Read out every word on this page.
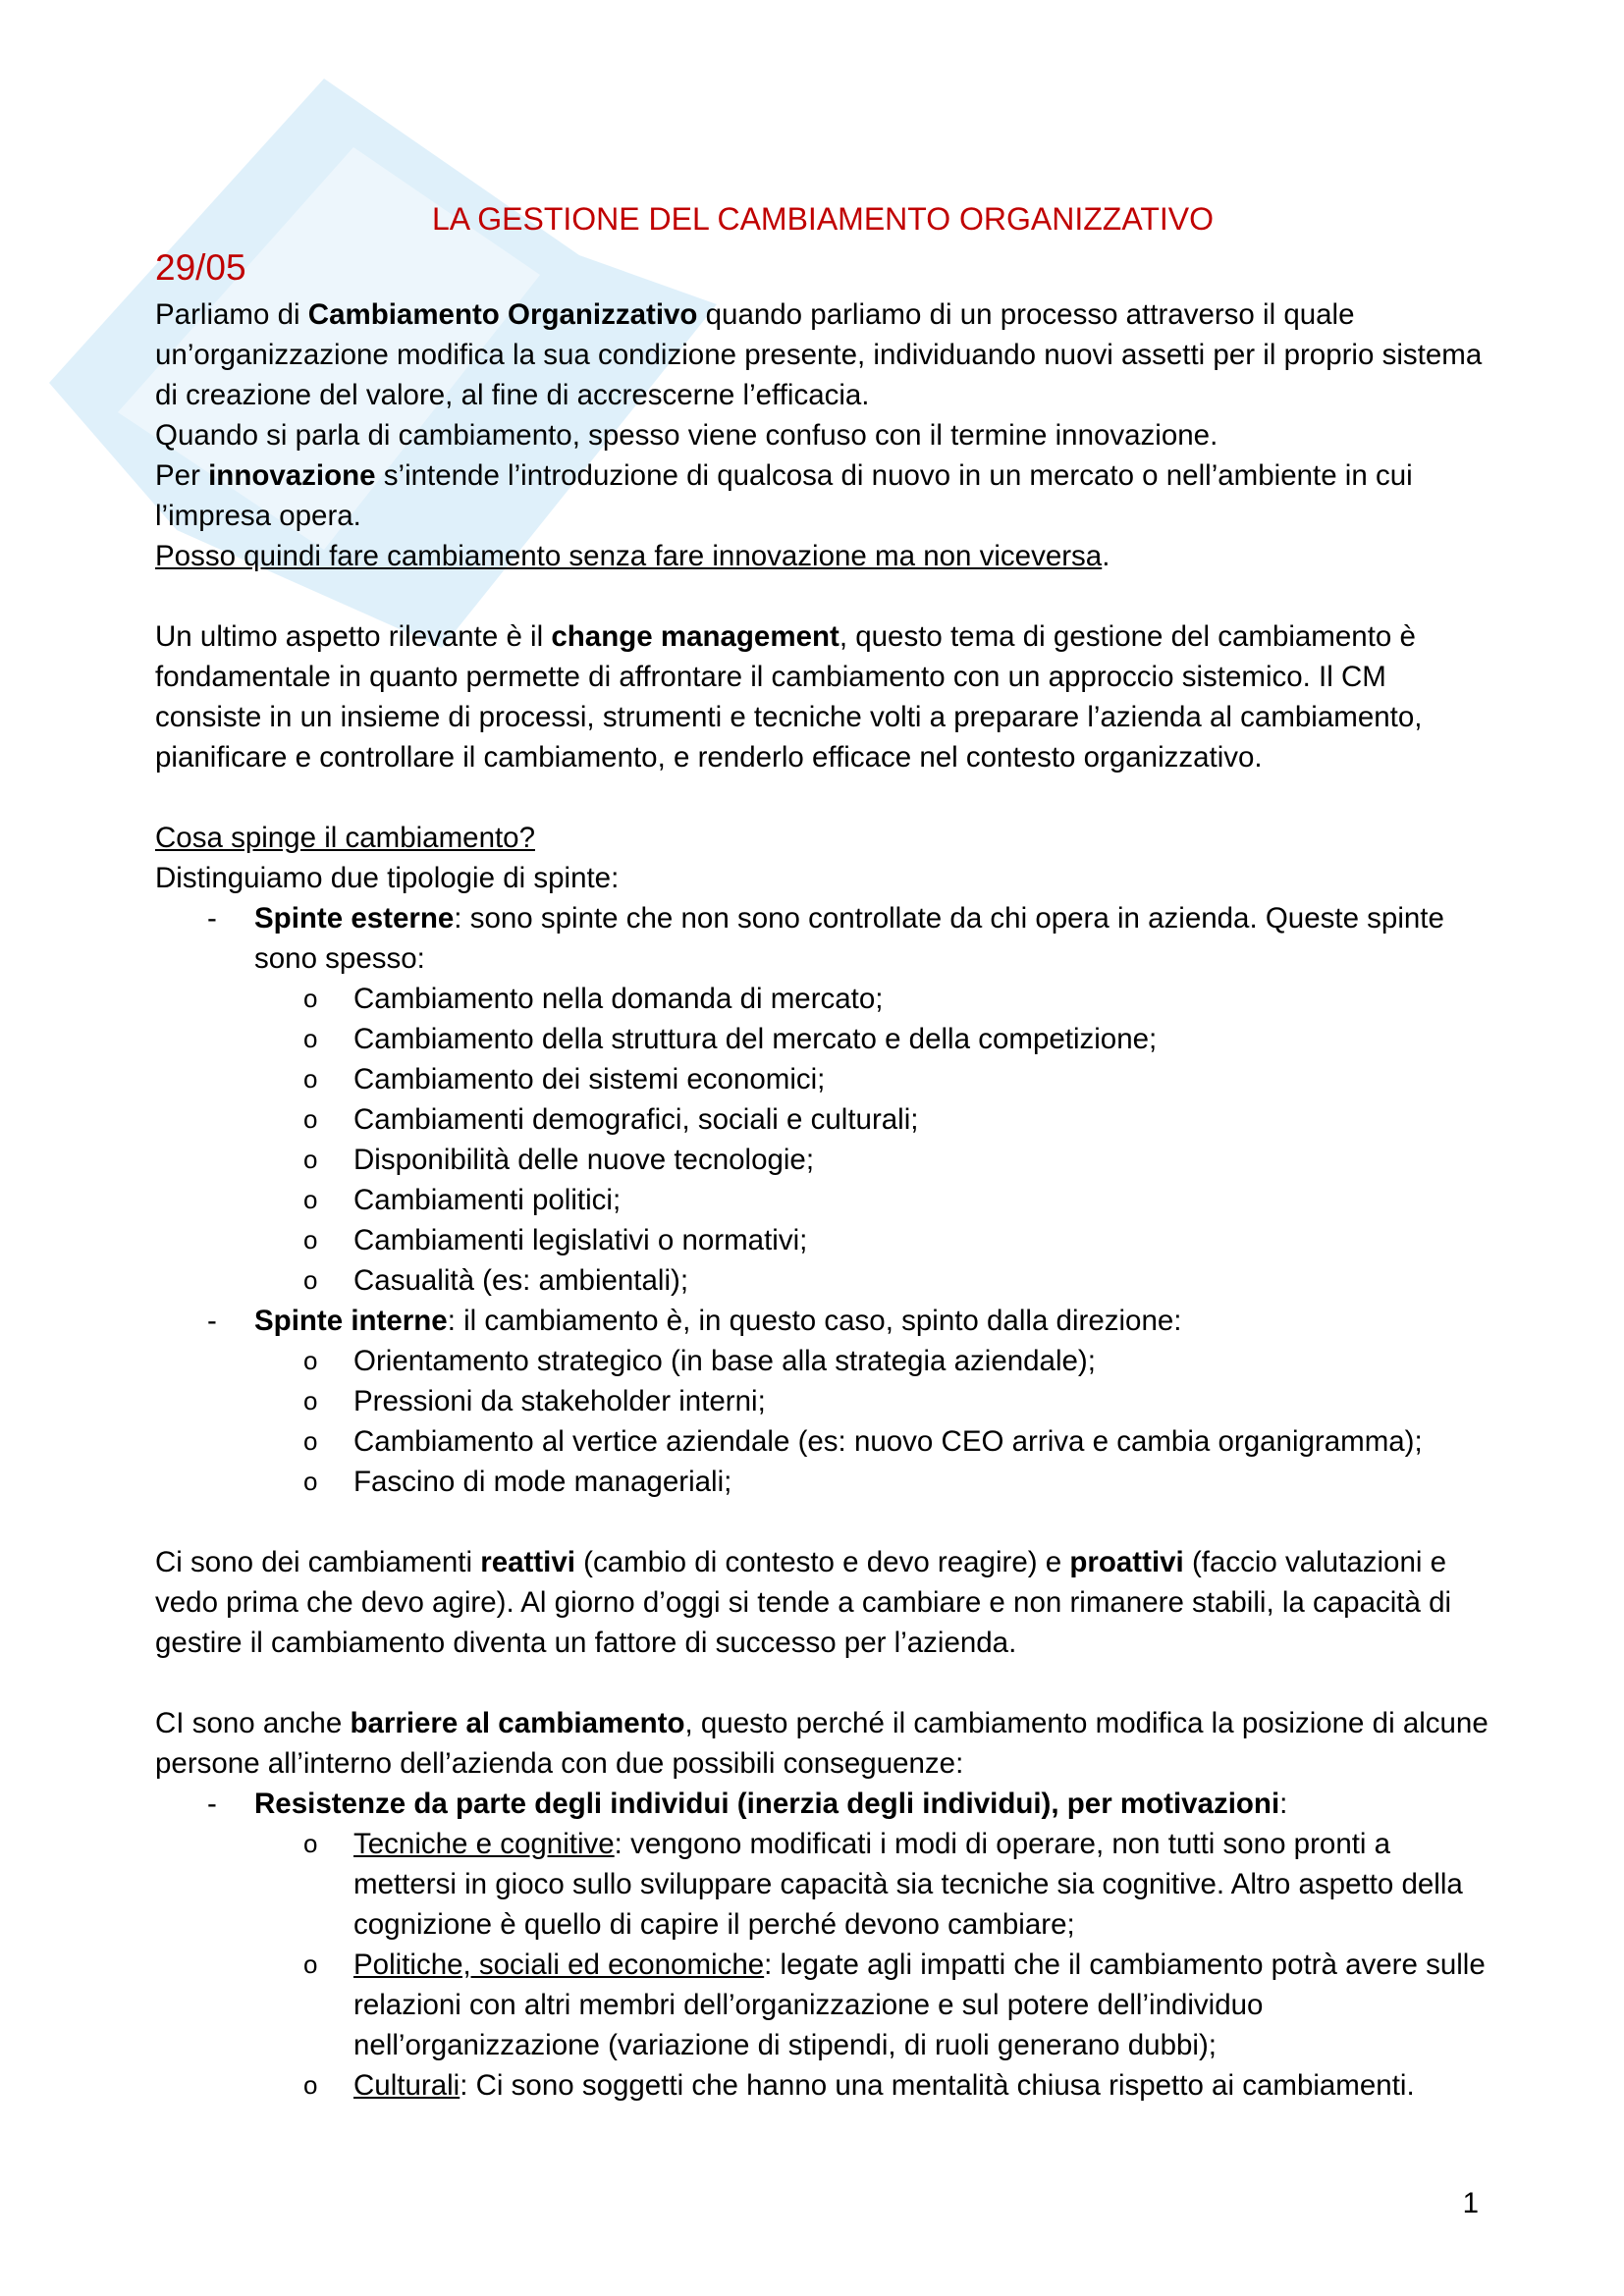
LA GESTIONE DEL CAMBIAMENTO ORGANIZZATIVO

29/05

Parliamo di Cambiamento Organizzativo quando parliamo di un processo attraverso il quale un’organizzazione modifica la sua condizione presente, individuando nuovi assetti per il proprio sistema di creazione del valore, al fine di accrescerne l’efficacia.

Quando si parla di cambiamento, spesso viene confuso con il termine innovazione.

Per innovazione s’intende l’introduzione di qualcosa di nuovo in un mercato o nell’ambiente in cui l’impresa opera.

Posso quindi fare cambiamento senza fare innovazione ma non viceversa.

Un ultimo aspetto rilevante è il change management, questo tema di gestione del cambiamento è fondamentale in quanto permette di affrontare il cambiamento con un approccio sistemico. Il CM consiste in un insieme di processi, strumenti e tecniche volti a preparare l’azienda al cambiamento, pianificare e controllare il cambiamento, e renderlo efficace nel contesto organizzativo.

Cosa spinge il cambiamento?

Distinguiamo due tipologie di spinte:

- Spinte esterne: sono spinte che non sono controllate da chi opera in azienda. Queste spinte sono spesso:
o Cambiamento nella domanda di mercato;
o Cambiamento della struttura del mercato e della competizione;
o Cambiamento dei sistemi economici;
o Cambiamenti demografici, sociali e culturali;
o Disponibilità delle nuove tecnologie;
o Cambiamenti politici;
o Cambiamenti legislativi o normativi;
o Casualità (es: ambientali);
- Spinte interne: il cambiamento è, in questo caso, spinto dalla direzione:
o Orientamento strategico (in base alla strategia aziendale);
o Pressioni da stakeholder interni;
o Cambiamento al vertice aziendale (es: nuovo CEO arriva e cambia organigramma);
o Fascino di mode manageriali;

Ci sono dei cambiamenti reattivi (cambio di contesto e devo reagire) e proattivi (faccio valutazioni e vedo prima che devo agire). Al giorno d’oggi si tende a cambiare e non rimanere stabili, la capacità di gestire il cambiamento diventa un fattore di successo per l’azienda.

CI sono anche barriere al cambiamento, questo perché il cambiamento modifica la posizione di alcune persone all’interno dell’azienda con due possibili conseguenze:

- Resistenze da parte degli individui (inerzia degli individui), per motivazioni:
o Tecniche e cognitive: vengono modificati i modi di operare, non tutti sono pronti a mettersi in gioco sullo sviluppare capacità sia tecniche sia cognitive. Altro aspetto della cognizione è quello di capire il perché devono cambiare;
o Politiche, sociali ed economiche: legate agli impatti che il cambiamento potrà avere sulle relazioni con altri membri dell’organizzazione e sul potere dell’individuo nell’organizzazione (variazione di stipendi, di ruoli generano dubbi);
o Culturali: Ci sono soggetti che hanno una mentalità chiusa rispetto ai cambiamenti.
1
